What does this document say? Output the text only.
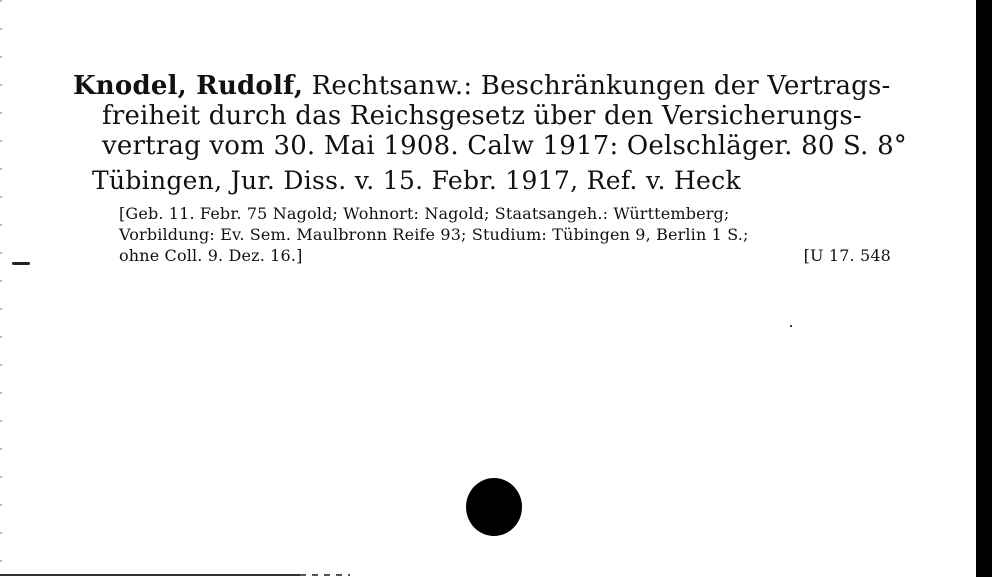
Knodel, Rudolf, Rechtsanw.: Beschränkungen der Vertrags-
freiheit durch das Reichsgesetz über den Versicherungs-
vertrag vom 30. Mai 1908. Calw 1917: Oelschläger. 80 S. 8°
Tübingen, Jur. Diss. v. 15. Febr. 1917, Ref. v. Heck
[Geb. 11. Febr. 75 Nagold; Wohnort: Nagold; Staatsangeh.: Württemberg;
Vorbildung: Ev. Sem. Maulbronn Reife 93; Studium: Tübingen 9, Berlin 1 S.;
ohne Coll. 9. Dez. 16.]	[U 17. 548
